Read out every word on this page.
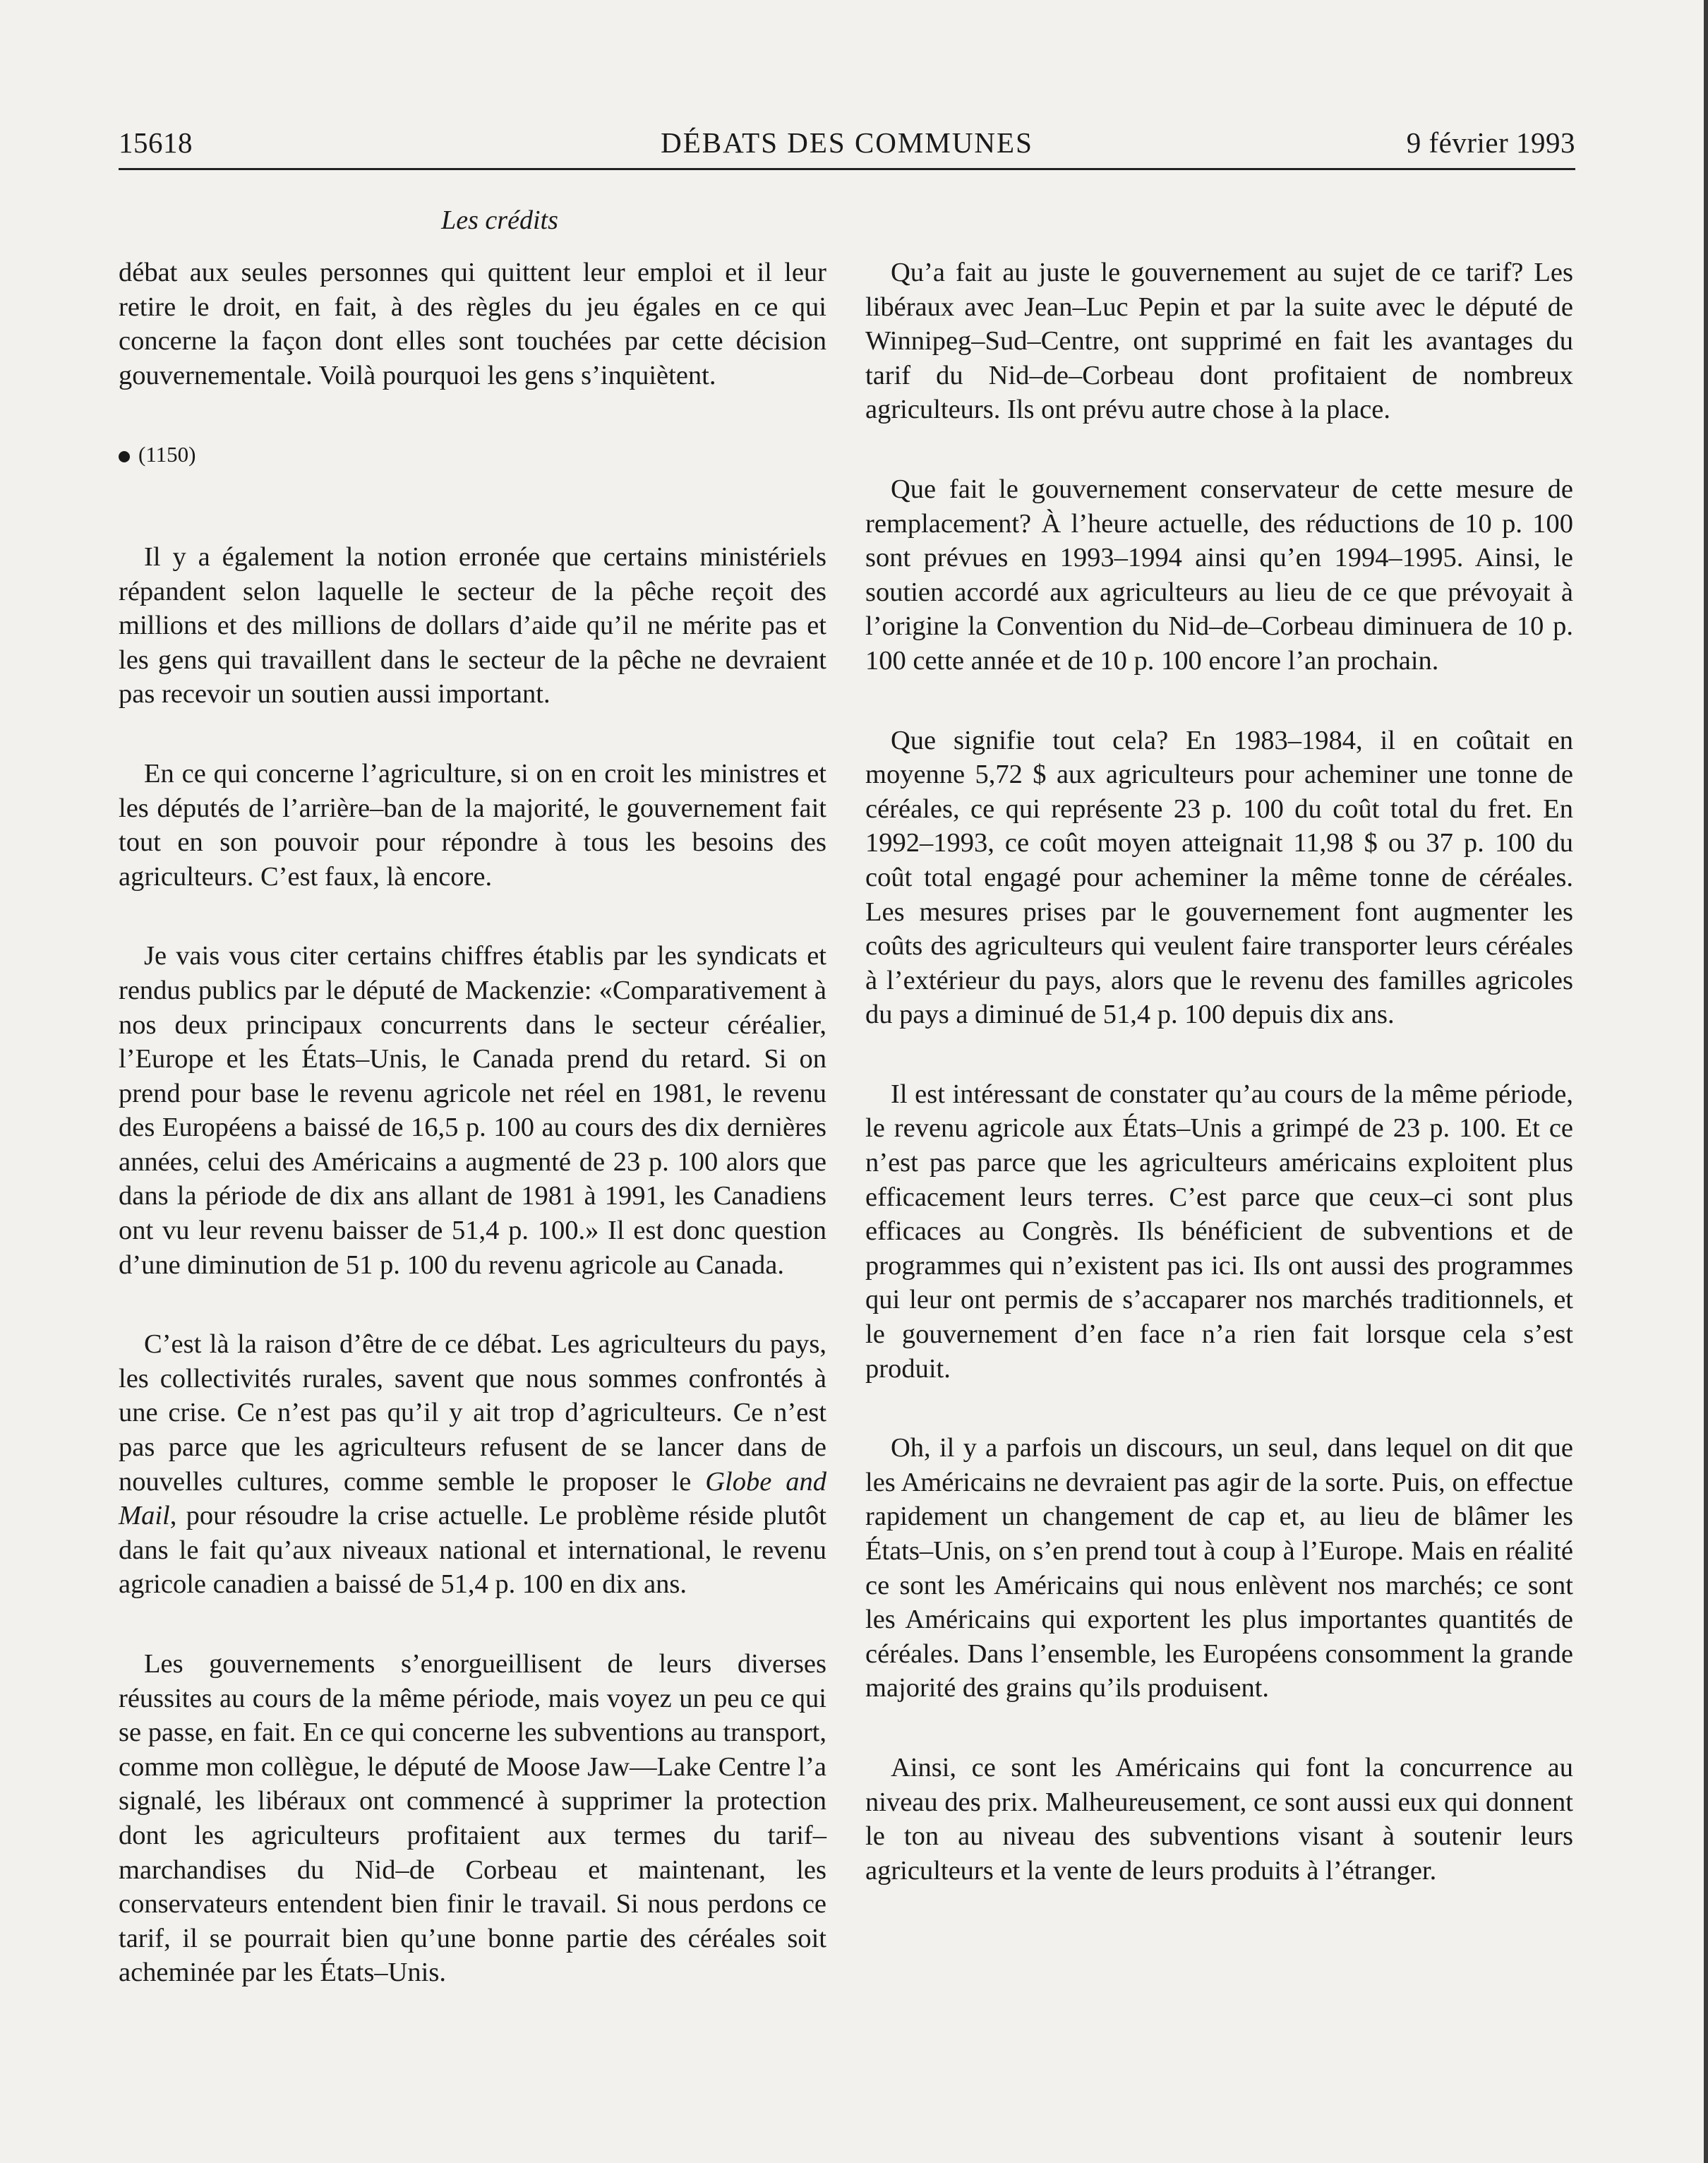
15618	DÉBATS DES COMMUNES	9 février 1993
Les crédits

débat aux seules personnes qui quittent leur emploi et il leur retire le droit, en fait, à des règles du jeu égales en ce qui concerne la façon dont elles sont touchées par cette décision gouvernementale. Voilà pourquoi les gens s’inquiètent.

(1150)

Il y a également la notion erronée que certains ministériels répandent selon laquelle le secteur de la pêche reçoit des millions et des millions de dollars d’aide qu’il ne mérite pas et les gens qui travaillent dans le secteur de la pêche ne devraient pas recevoir un soutien aussi important.

En ce qui concerne l’agriculture, si on en croit les ministres et les députés de l’arrière–ban de la majorité, le gouvernement fait tout en son pouvoir pour répondre à tous les besoins des agriculteurs. C’est faux, là encore.

Je vais vous citer certains chiffres établis par les syndicats et rendus publics par le député de Mackenzie: «Comparativement à nos deux principaux concurrents dans le secteur céréalier, l’Europe et les États–Unis, le Canada prend du retard. Si on prend pour base le revenu agricole net réel en 1981, le revenu des Européens a baissé de 16,5 p. 100 au cours des dix dernières années, celui des Américains a augmenté de 23 p. 100 alors que dans la période de dix ans allant de 1981 à 1991, les Canadiens ont vu leur revenu baisser de 51,4 p. 100.» Il est donc question d’une diminution de 51 p. 100 du revenu agricole au Canada.

C’est là la raison d’être de ce débat. Les agriculteurs du pays, les collectivités rurales, savent que nous sommes confrontés à une crise. Ce n’est pas qu’il y ait trop d’agriculteurs. Ce n’est pas parce que les agriculteurs refusent de se lancer dans de nouvelles cultures, comme semble le proposer le Globe and Mail, pour résoudre la crise actuelle. Le problème réside plutôt dans le fait qu’aux niveaux national et international, le revenu agricole canadien a baissé de 51,4 p. 100 en dix ans.

Les gouvernements s’enorgueillisent de leurs diverses réussites au cours de la même période, mais voyez un peu ce qui se passe, en fait. En ce qui concerne les subventions au transport, comme mon collègue, le député de Moose Jaw—Lake Centre l’a signalé, les libéraux ont commencé à supprimer la protection dont les agriculteurs profitaient aux termes du tarif–marchandises du Nid–de Corbeau et maintenant, les conservateurs entendent bien finir le travail. Si nous perdons ce tarif, il se pourrait bien qu’une bonne partie des céréales soit acheminée par les États–Unis.

Qu’a fait au juste le gouvernement au sujet de ce tarif? Les libéraux avec Jean–Luc Pepin et par la suite avec le député de Winnipeg–Sud–Centre, ont supprimé en fait les avantages du tarif du Nid–de–Corbeau dont profitaient de nombreux agriculteurs. Ils ont prévu autre chose à la place.

Que fait le gouvernement conservateur de cette mesure de remplacement? À l’heure actuelle, des réductions de 10 p. 100 sont prévues en 1993–1994 ainsi qu’en 1994–1995. Ainsi, le soutien accordé aux agriculteurs au lieu de ce que prévoyait à l’origine la Convention du Nid–de–Corbeau diminuera de 10 p. 100 cette année et de 10 p. 100 encore l’an prochain.

Que signifie tout cela? En 1983–1984, il en coûtait en moyenne 5,72 $ aux agriculteurs pour acheminer une tonne de céréales, ce qui représente 23 p. 100 du coût total du fret. En 1992–1993, ce coût moyen atteignait 11,98 $ ou 37 p. 100 du coût total engagé pour acheminer la même tonne de céréales. Les mesures prises par le gouvernement font augmenter les coûts des agriculteurs qui veulent faire transporter leurs céréales à l’extérieur du pays, alors que le revenu des familles agricoles du pays a diminué de 51,4 p. 100 depuis dix ans.

Il est intéressant de constater qu’au cours de la même période, le revenu agricole aux États–Unis a grimpé de 23 p. 100. Et ce n’est pas parce que les agriculteurs américains exploitent plus efficacement leurs terres. C’est parce que ceux–ci sont plus efficaces au Congrès. Ils bénéficient de subventions et de programmes qui n’existent pas ici. Ils ont aussi des programmes qui leur ont permis de s’accaparer nos marchés traditionnels, et le gouvernement d’en face n’a rien fait lorsque cela s’est produit.

Oh, il y a parfois un discours, un seul, dans lequel on dit que les Américains ne devraient pas agir de la sorte. Puis, on effectue rapidement un changement de cap et, au lieu de blâmer les États–Unis, on s’en prend tout à coup à l’Europe. Mais en réalité ce sont les Américains qui nous enlèvent nos marchés; ce sont les Américains qui exportent les plus importantes quantités de céréales. Dans l’ensemble, les Européens consomment la grande majorité des grains qu’ils produisent.

Ainsi, ce sont les Américains qui font la concurrence au niveau des prix. Malheureusement, ce sont aussi eux qui donnent le ton au niveau des subventions visant à soutenir leurs agriculteurs et la vente de leurs produits à l’étranger.
